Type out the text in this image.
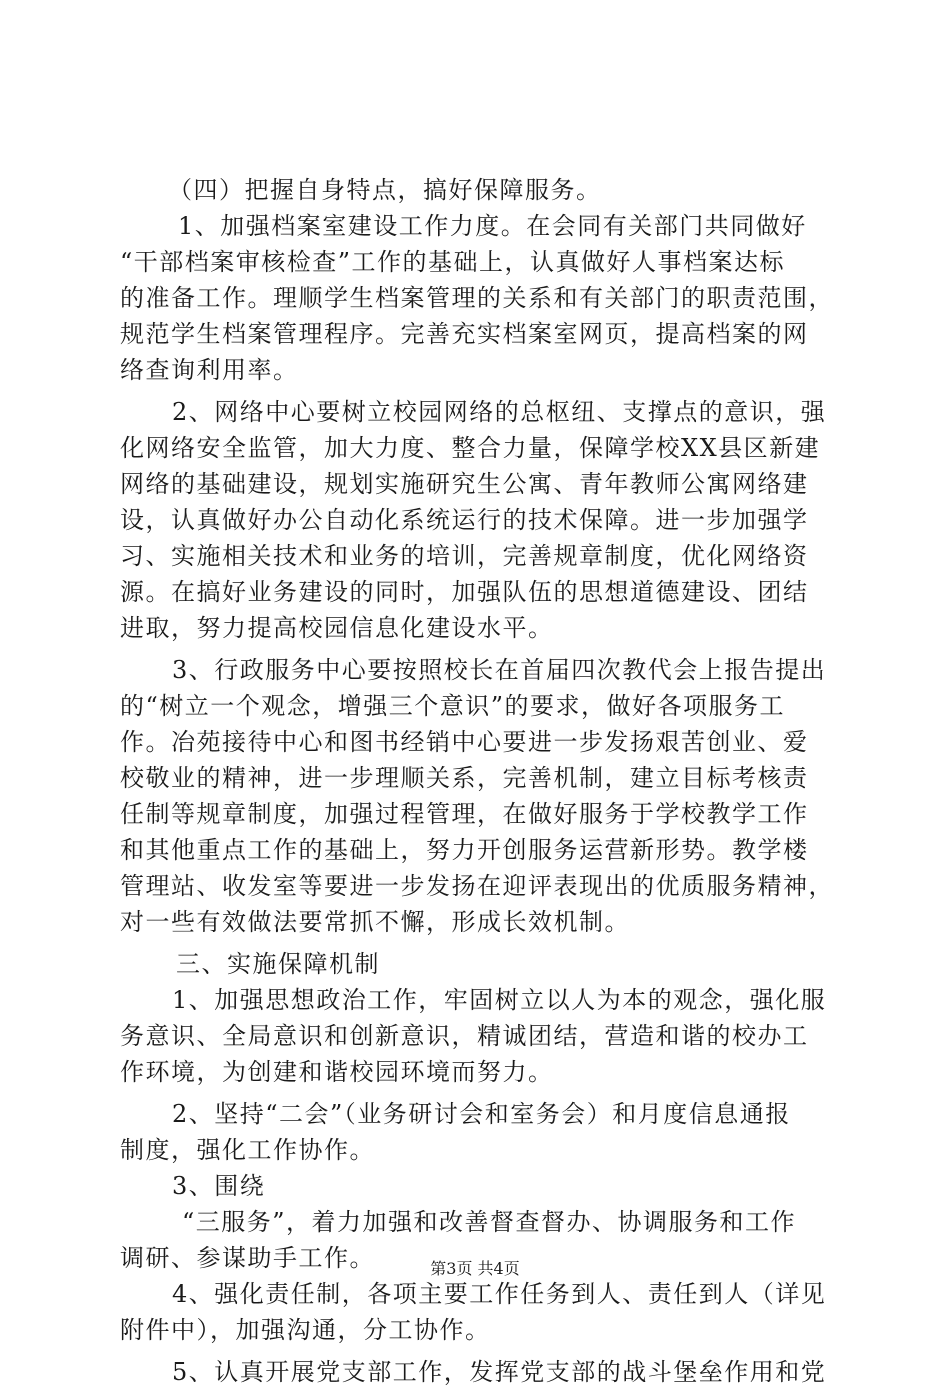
（四）把握自身特点，搞好保障服务。
1、加强档案室建设工作力度。在会同有关部门共同做好
“干部档案审核检查”工作的基础上，认真做好人事档案达标
的准备工作。理顺学生档案管理的关系和有关部门的职责范围，
规范学生档案管理程序。完善充实档案室网页，提高档案的网
络查询利用率。
2、网络中心要树立校园网络的总枢纽、支撑点的意识，强
化网络安全监管，加大力度、整合力量，保障学校XX县区新建
网络的基础建设，规划实施研究生公寓、青年教师公寓网络建
设，认真做好办公自动化系统运行的技术保障。进一步加强学
习、实施相关技术和业务的培训，完善规章制度，优化网络资
源。在搞好业务建设的同时，加强队伍的思想道德建设、团结
进取，努力提高校园信息化建设水平。
3、行政服务中心要按照校长在首届四次教代会上报告提出
的“树立一个观念，增强三个意识”的要求，做好各项服务工
作。冶苑接待中心和图书经销中心要进一步发扬艰苦创业、爱
校敬业的精神，进一步理顺关系，完善机制，建立目标考核责
任制等规章制度，加强过程管理，在做好服务于学校教学工作
和其他重点工作的基础上，努力开创服务运营新形势。教学楼
管理站、收发室等要进一步发扬在迎评表现出的优质服务精神，
对一些有效做法要常抓不懈，形成长效机制。
三、实施保障机制
1、加强思想政治工作，牢固树立以人为本的观念，强化服
务意识、全局意识和创新意识，精诚团结，营造和谐的校办工
作环境，为创建和谐校园环境而努力。
2、坚持“二会”（业务研讨会和室务会）和月度信息通报
制度，强化工作协作。
3、围绕
“三服务”，着力加强和改善督查督办、协调服务和工作
调研、参谋助手工作。
4、强化责任制，各项主要工作任务到人、责任到人（详见
附件中），加强沟通，分工协作。
5、认真开展党支部工作，发挥党支部的战斗堡垒作用和党
第3页 共4页
